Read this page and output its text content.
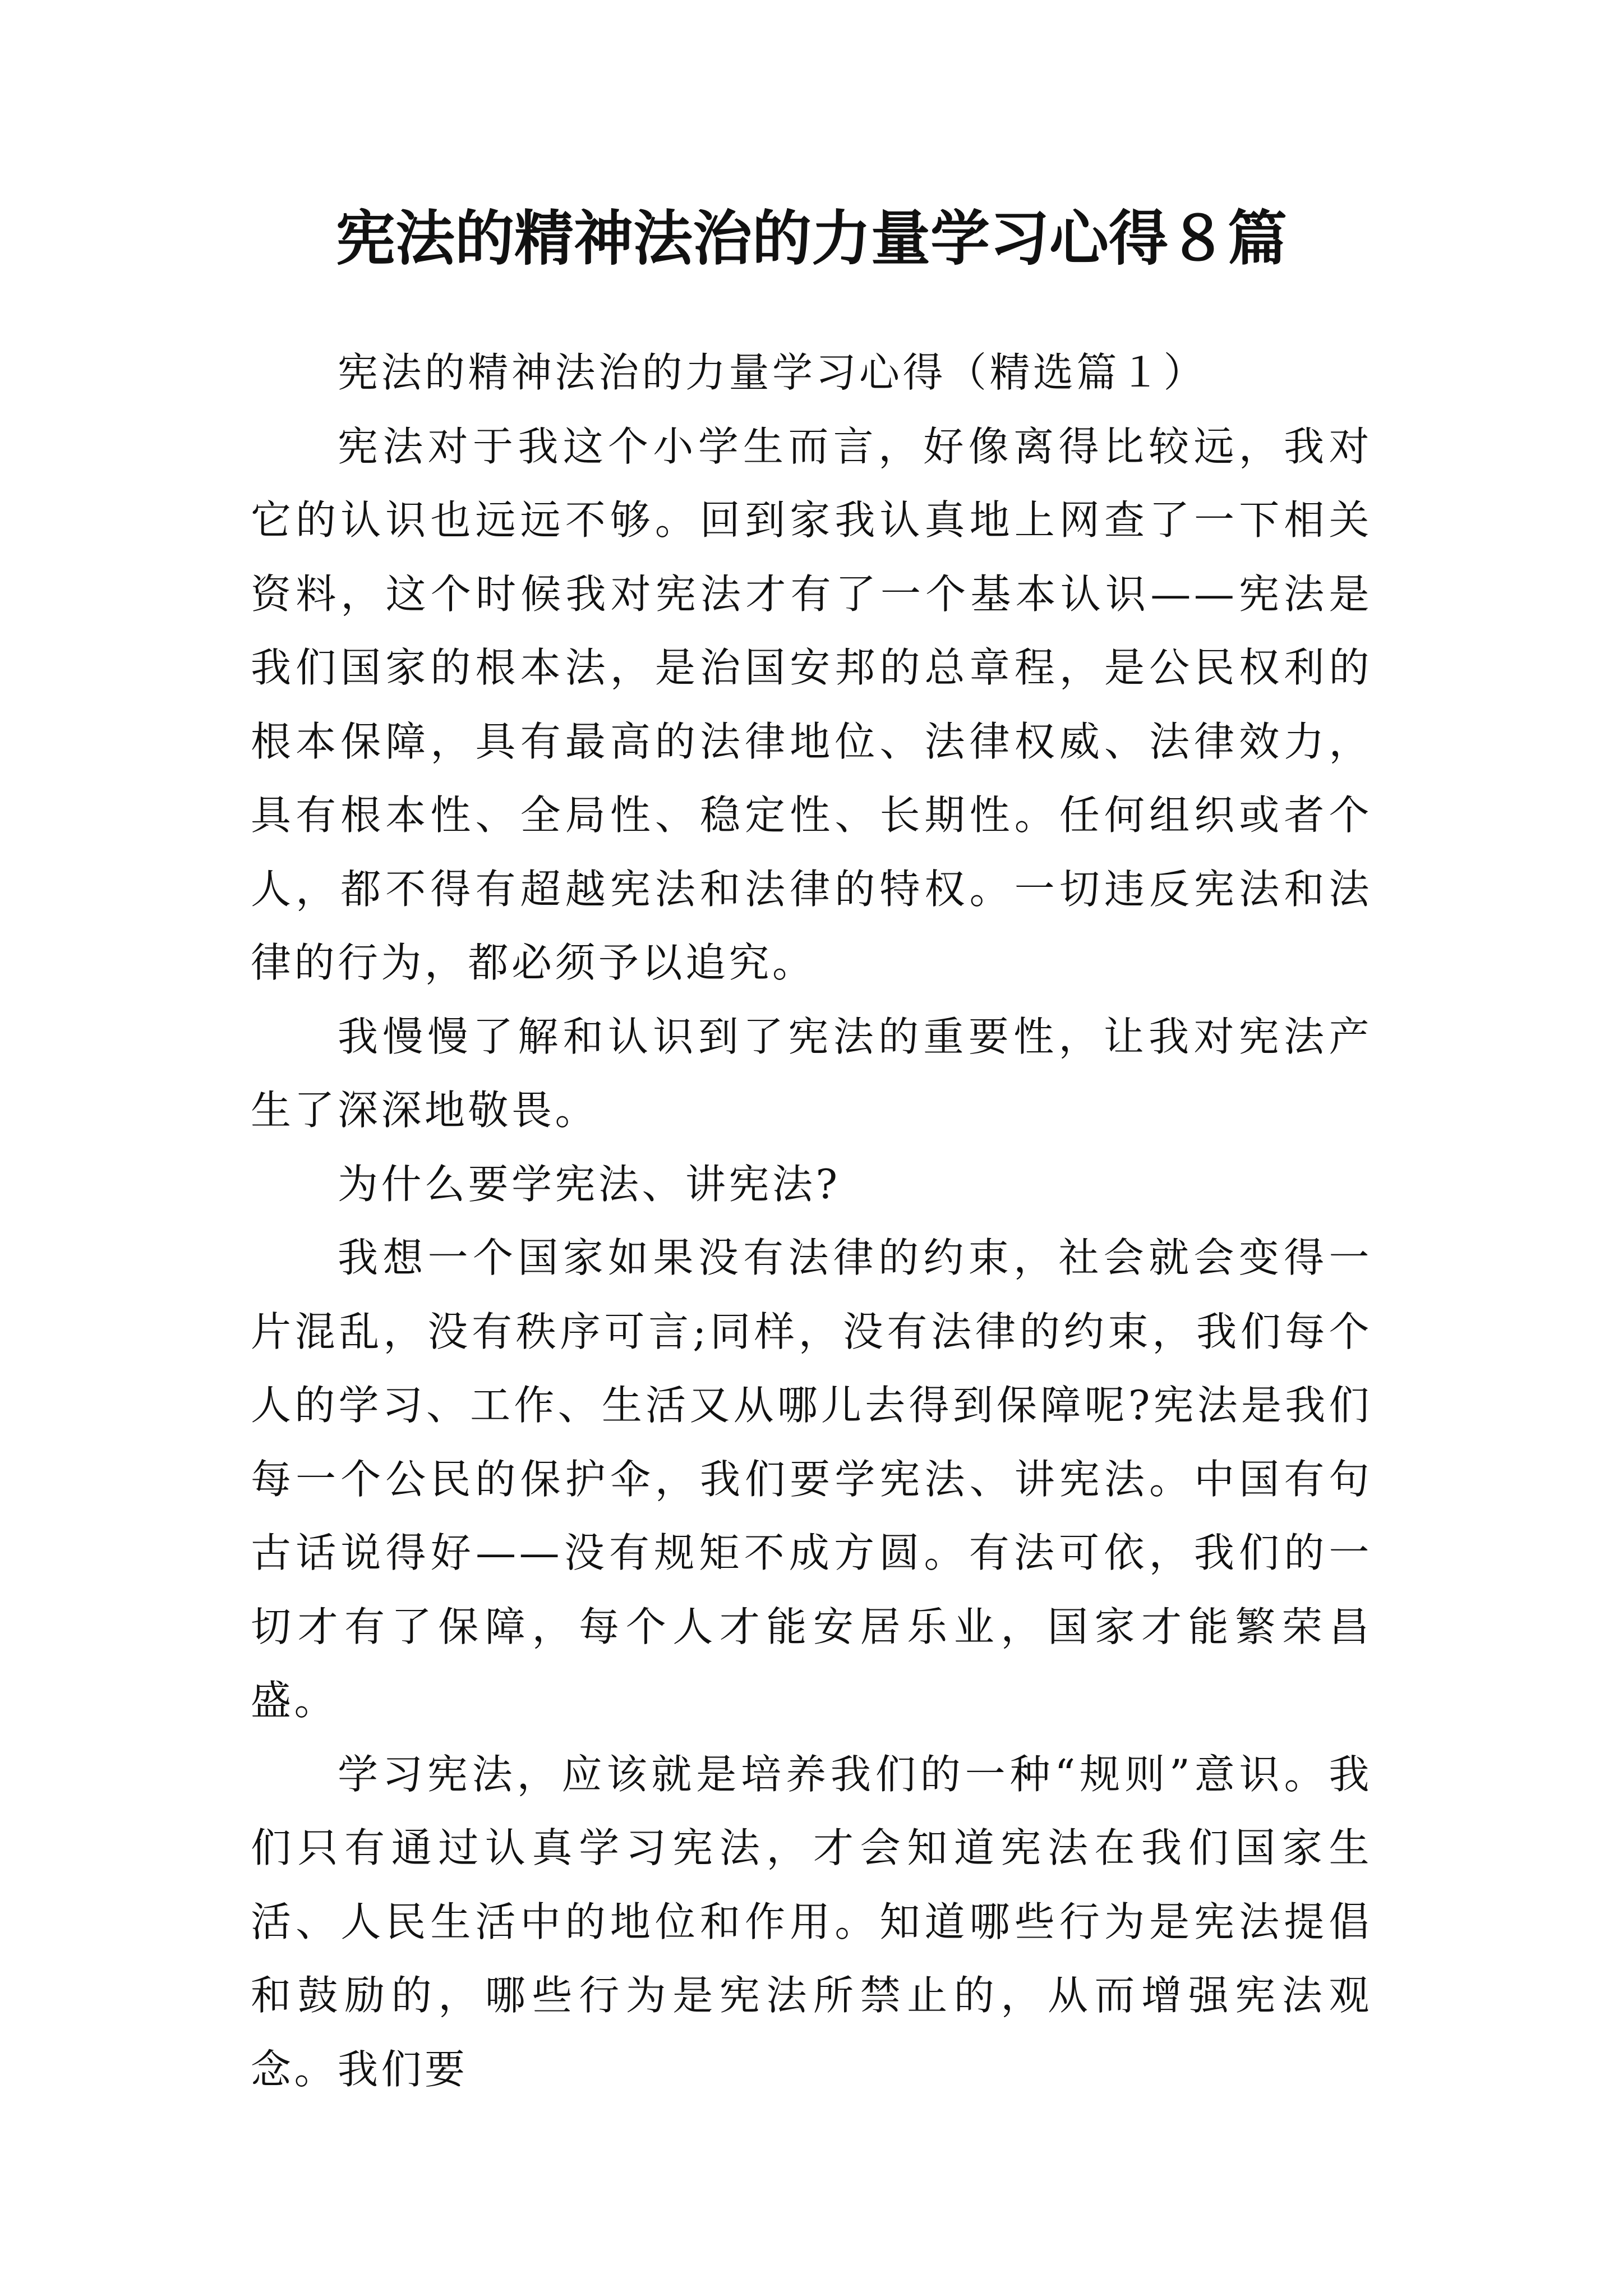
宪法的精神法治的力量学习心得８篇

宪法的精神法治的力量学习心得（精选篇１）

宪法对于我这个小学生而言，好像离得比较远，我对它的认识也远远不够。回到家我认真地上网查了一下相关资料，这个时候我对宪法才有了一个基本认识——宪法是我们国家的根本法，是治国安邦的总章程，是公民权利的根本保障，具有最高的法律地位、法律权威、法律效力，具有根本性、全局性、稳定性、长期性。任何组织或者个人，都不得有超越宪法和法律的特权。一切违反宪法和法律的行为，都必须予以追究。

我慢慢了解和认识到了宪法的重要性，让我对宪法产生了深深地敬畏。

为什么要学宪法、讲宪法?

我想一个国家如果没有法律的约束，社会就会变得一片混乱，没有秩序可言;同样，没有法律的约束，我们每个人的学习、工作、生活又从哪儿去得到保障呢?宪法是我们每一个公民的保护伞，我们要学宪法、讲宪法。中国有句古话说得好——没有规矩不成方圆。有法可依，我们的一切才有了保障，每个人才能安居乐业，国家才能繁荣昌盛。

学习宪法，应该就是培养我们的一种“规则”意识。我们只有通过认真学习宪法，才会知道宪法在我们国家生活、人民生活中的地位和作用。知道哪些行为是宪法提倡和鼓励的，哪些行为是宪法所禁止的，从而增强宪法观念。我们要
